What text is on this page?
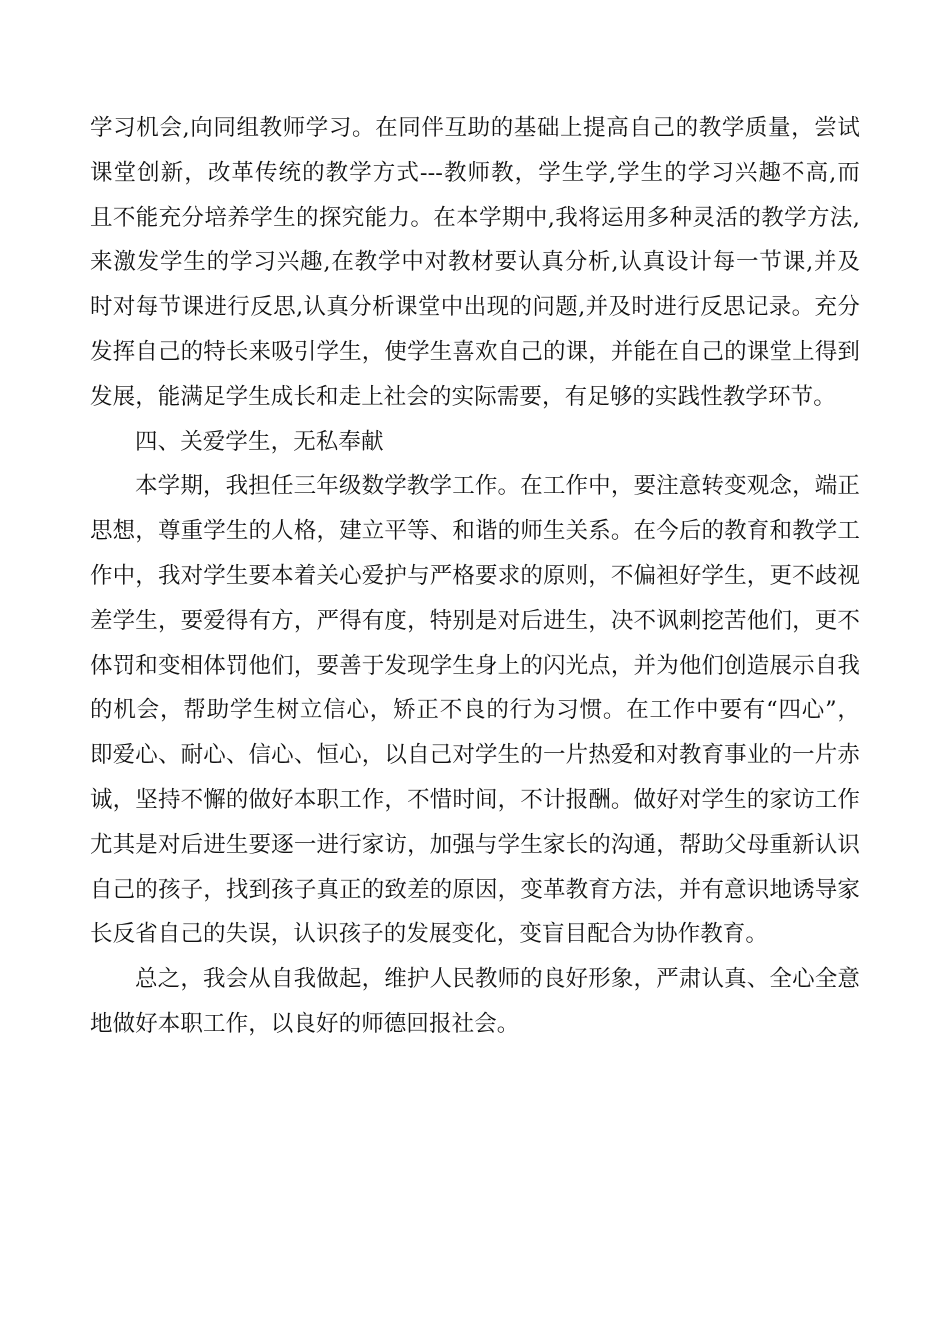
学习机会,向同组教师学习。在同伴互助的基础上提高自己的教学质量，尝试
课堂创新，改革传统的教学方式---教师教，学生学,学生的学习兴趣不高,而
且不能充分培养学生的探究能力。在本学期中,我将运用多种灵活的教学方法,
来激发学生的学习兴趣,在教学中对教材要认真分析,认真设计每一节课,并及
时对每节课进行反思,认真分析课堂中出现的问题,并及时进行反思记录。充分
发挥自己的特长来吸引学生，使学生喜欢自己的课，并能在自己的课堂上得到
发展，能满足学生成长和走上社会的实际需要，有足够的实践性教学环节。
四、关爱学生，无私奉献
本学期，我担任三年级数学教学工作。在工作中，要注意转变观念，端正
思想，尊重学生的人格，建立平等、和谐的师生关系。在今后的教育和教学工
作中，我对学生要本着关心爱护与严格要求的原则，不偏袒好学生，更不歧视
差学生，要爱得有方，严得有度，特别是对后进生，决不讽刺挖苦他们，更不
体罚和变相体罚他们，要善于发现学生身上的闪光点，并为他们创造展示自我
的机会，帮助学生树立信心，矫正不良的行为习惯。在工作中要有“四心”，
即爱心、耐心、信心、恒心，以自己对学生的一片热爱和对教育事业的一片赤
诚，坚持不懈的做好本职工作，不惜时间，不计报酬。做好对学生的家访工作
尤其是对后进生要逐一进行家访，加强与学生家长的沟通，帮助父母重新认识
自己的孩子，找到孩子真正的致差的原因，变革教育方法，并有意识地诱导家
长反省自己的失误，认识孩子的发展变化，变盲目配合为协作教育。
总之，我会从自我做起，维护人民教师的良好形象，严肃认真、全心全意
地做好本职工作，以良好的师德回报社会。
